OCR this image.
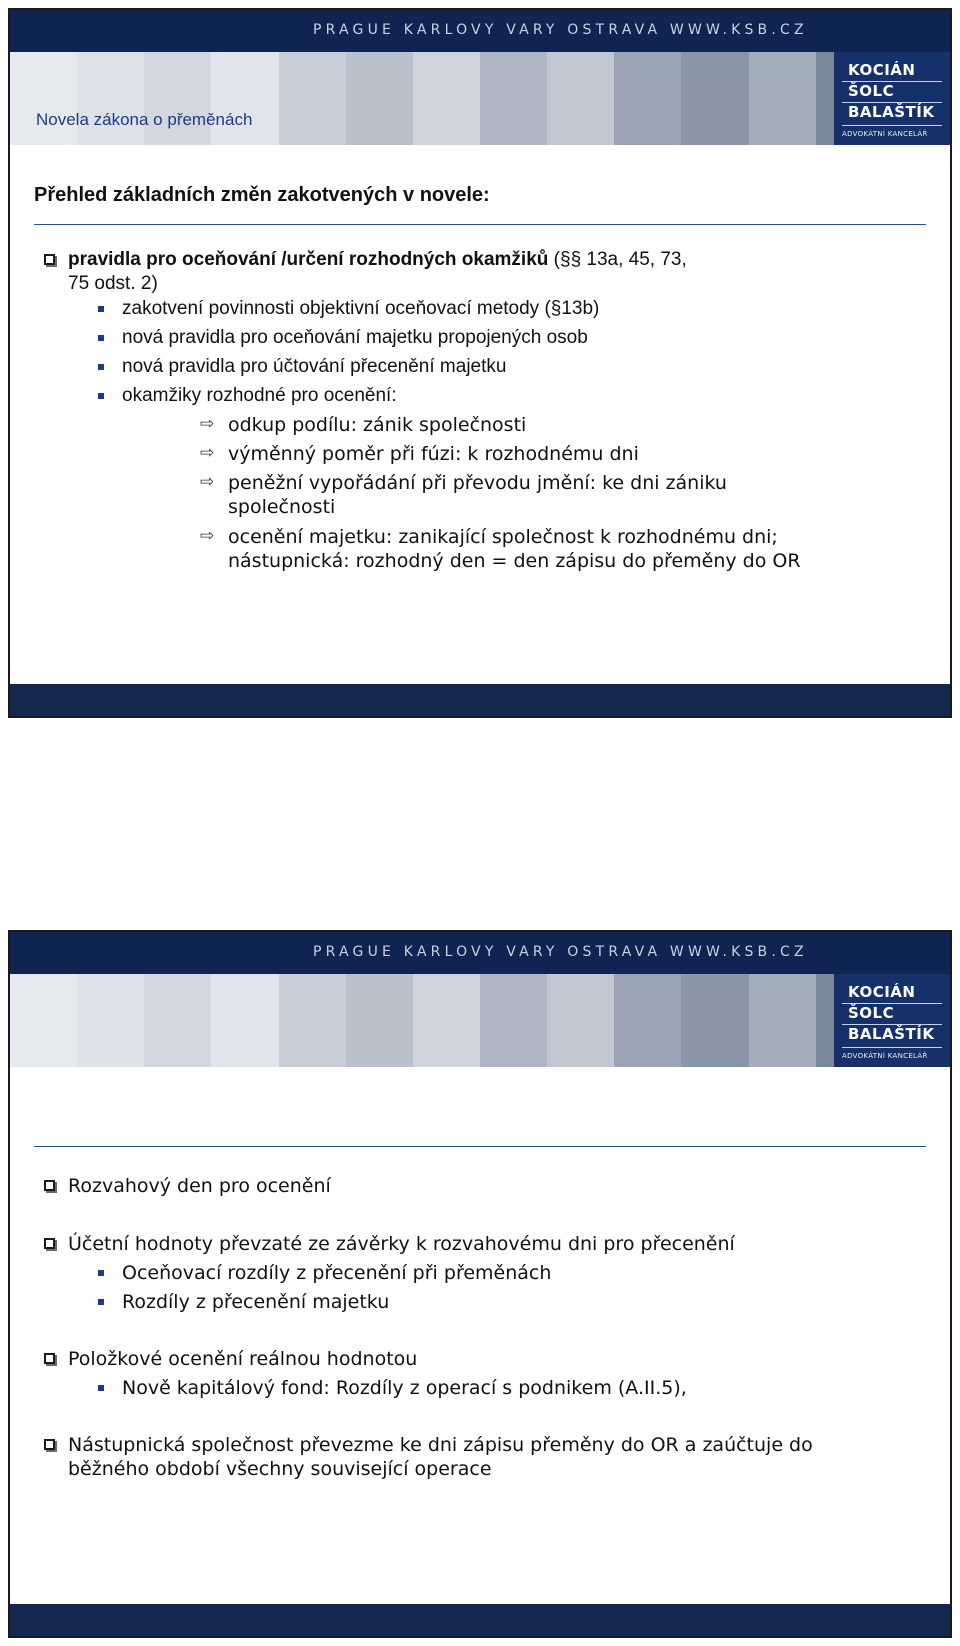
PRAGUE KARLOVY VARY OSTRAVA WWW.KSB.CZ
KOCIÁN
ŠOLC
BALAŠTÍK
ADVOKÁTNÍ KANCELÁŘ
Novela zákona o přeměnách
Přehled základních změn zakotvených v novele:
pravidla pro oceňování /určení rozhodných okamžiků (§§ 13a, 45, 73,
75 odst. 2)
zakotvení povinnosti objektivní oceňovací metody (§13b)
nová pravidla pro oceňování majetku propojených osob
nová pravidla pro účtování přecenění majetku
okamžiky rozhodné pro ocenění:
⇨ odkup podílu: zánik společnosti
⇨ výměnný poměr při fúzi: k rozhodnému dni
⇨ peněžní vypořádání při převodu jmění: ke dni zániku
společnosti
⇨ ocenění majetku: zanikající společnost k rozhodnému dni;
nástupnická: rozhodný den = den zápisu do přeměny do OR
PRAGUE KARLOVY VARY OSTRAVA WWW.KSB.CZ
KOCIÁN
ŠOLC
BALAŠTÍK
ADVOKÁTNÍ KANCELÁŘ
Rozvahový den pro ocenění
Účetní hodnoty převzaté ze závěrky k rozvahovému dni pro přecenění
Oceňovací rozdíly z přecenění při přeměnách
Rozdíly z přecenění majetku
Položkové ocenění reálnou hodnotou
Nově kapitálový fond: Rozdíly z operací s podnikem (A.II.5),
Nástupnická společnost převezme ke dni zápisu přeměny do OR a zaúčtuje do
běžného období všechny související operace
